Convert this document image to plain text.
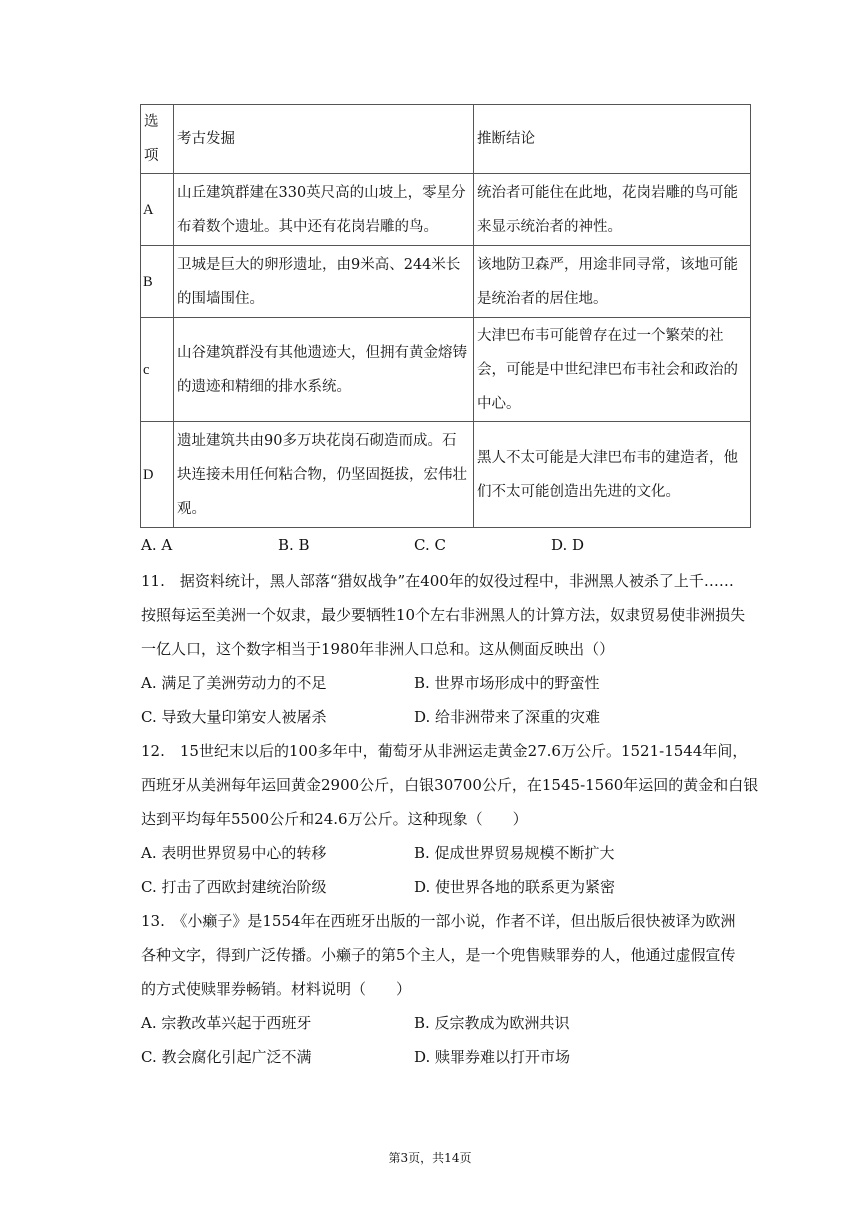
选项	考古发掘	推断结论
A	山丘建筑群建在330英尺高的山坡上，零星分布着数个遗址。其中还有花岗岩雕的鸟。	统治者可能住在此地，花岗岩雕的鸟可能来显示统治者的神性。
B	卫城是巨大的卵形遗址，由9米高、244米长的围墙围住。	该地防卫森严，用途非同寻常，该地可能是统治者的居住地。
c	山谷建筑群没有其他遗迹大，但拥有黄金熔铸的遗迹和精细的排水系统。	大津巴布韦可能曾存在过一个繁荣的社会，可能是中世纪津巴布韦社会和政治的中心。
D	遗址建筑共由90多万块花岗石砌造而成。石块连接未用任何粘合物，仍坚固挺拔，宏伟壮观。	黑人不太可能是大津巴布韦的建造者，他们不太可能创造出先进的文化。
A. A	B. B	C. C	D. D
11.　据资料统计，黑人部落“猎奴战争”在400年的奴役过程中，非洲黑人被杀了上千……
按照每运至美洲一个奴隶，最少要牺牲10个左右非洲黑人的计算方法，奴隶贸易使非洲损失
一亿人口，这个数字相当于1980年非洲人口总和。这从侧面反映出（）
A. 满足了美洲劳动力的不足	B. 世界市场形成中的野蛮性
C. 导致大量印第安人被屠杀	D. 给非洲带来了深重的灾难
12.　15世纪末以后的100多年中，葡萄牙从非洲运走黄金27.6万公斤。1521-1544年间，
西班牙从美洲每年运回黄金2900公斤，白银30700公斤，在1545-1560年运回的黄金和白银
达到平均每年5500公斤和24.6万公斤。这种现象（　　）
A. 表明世界贸易中心的转移	B. 促成世界贸易规模不断扩大
C. 打击了西欧封建统治阶级	D. 使世界各地的联系更为紧密
13.　《小癞子》是1554年在西班牙出版的一部小说，作者不详，但出版后很快被译为欧洲
各种文字，得到广泛传播。小癞子的第5个主人，是一个兜售赎罪券的人，他通过虚假宣传
的方式使赎罪券畅销。材料说明（　　）
A. 宗教改革兴起于西班牙	B. 反宗教成为欧洲共识
C. 教会腐化引起广泛不满	D. 赎罪券难以打开市场
第3页，共14页
